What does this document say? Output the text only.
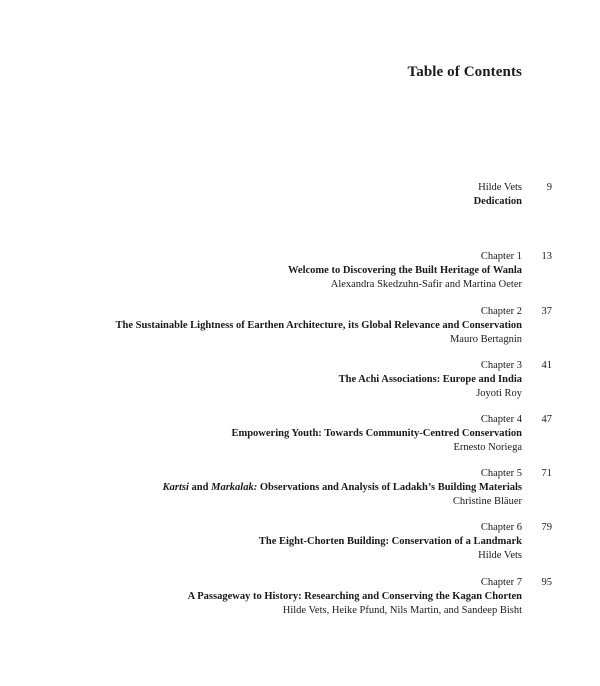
Table of Contents
Hilde Vets
Dedication
9
Chapter 1
Welcome to Discovering the Built Heritage of Wanla
Alexandra Skedzuhn-Safir and Martina Oeter
13
Chapter 2
The Sustainable Lightness of Earthen Architecture, its Global Relevance and Conservation
Mauro Bertagnin
37
Chapter 3
The Achi Associations: Europe and India
Joyoti Roy
41
Chapter 4
Empowering Youth: Towards Community-Centred Conservation
Ernesto Noriega
47
Chapter 5
Kartsi and Markalak: Observations and Analysis of Ladakh’s Building Materials
Christine Bläuer
71
Chapter 6
The Eight-Chorten Building: Conservation of a Landmark
Hilde Vets
79
Chapter 7
A Passageway to History: Researching and Conserving the Kagan Chorten
Hilde Vets, Heike Pfund, Nils Martin, and Sandeep Bisht
95
